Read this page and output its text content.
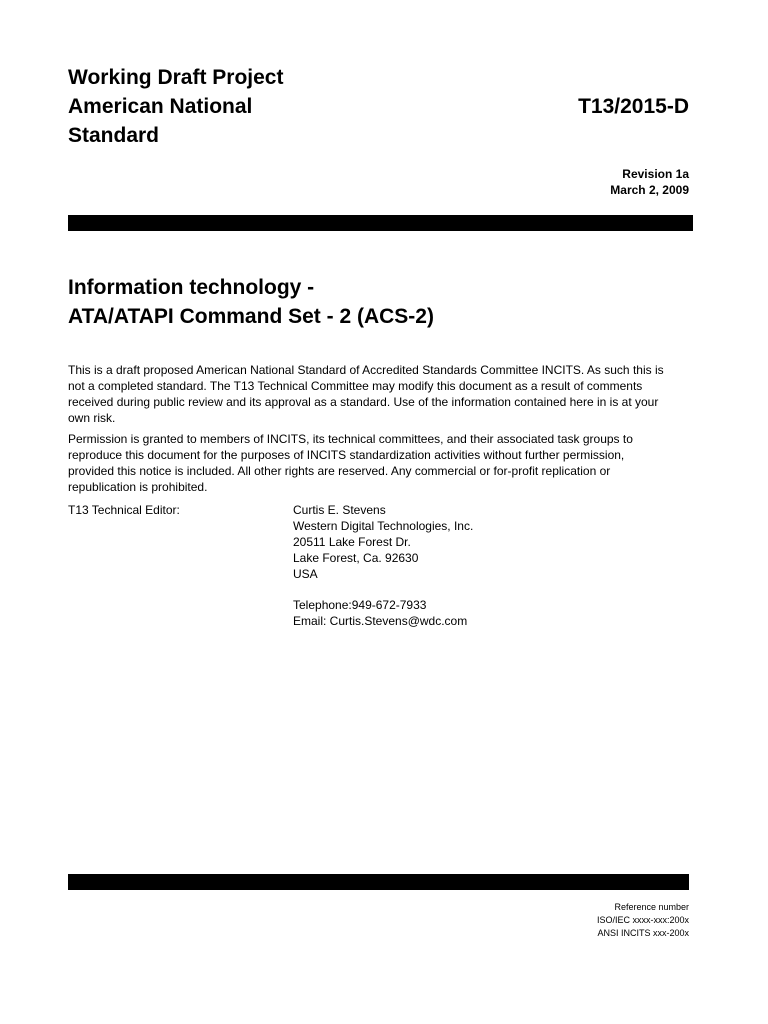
Working Draft Project
American National
Standard
T13/2015-D
Revision 1a
March 2, 2009
Information technology -
ATA/ATAPI Command Set - 2 (ACS-2)
This is a draft proposed American National Standard of Accredited Standards Committee INCITS. As such this is
not a completed standard. The T13 Technical Committee may modify this document as a result of comments
received during public review and its approval as a standard. Use of the information contained here in is at your
own risk.
Permission is granted to members of INCITS, its technical committees, and their associated task groups to
reproduce this document for the purposes of INCITS standardization activities without further permission,
provided this notice is included. All other rights are reserved. Any commercial or for-profit replication or
republication is prohibited.
T13 Technical Editor:	Curtis E. Stevens
Western Digital Technologies, Inc.
20511 Lake Forest Dr.
Lake Forest, Ca. 92630
USA
Telephone:949-672-7933
Email: Curtis.Stevens@wdc.com
Reference number
ISO/IEC xxxx-xxx:200x
ANSI INCITS xxx-200x
